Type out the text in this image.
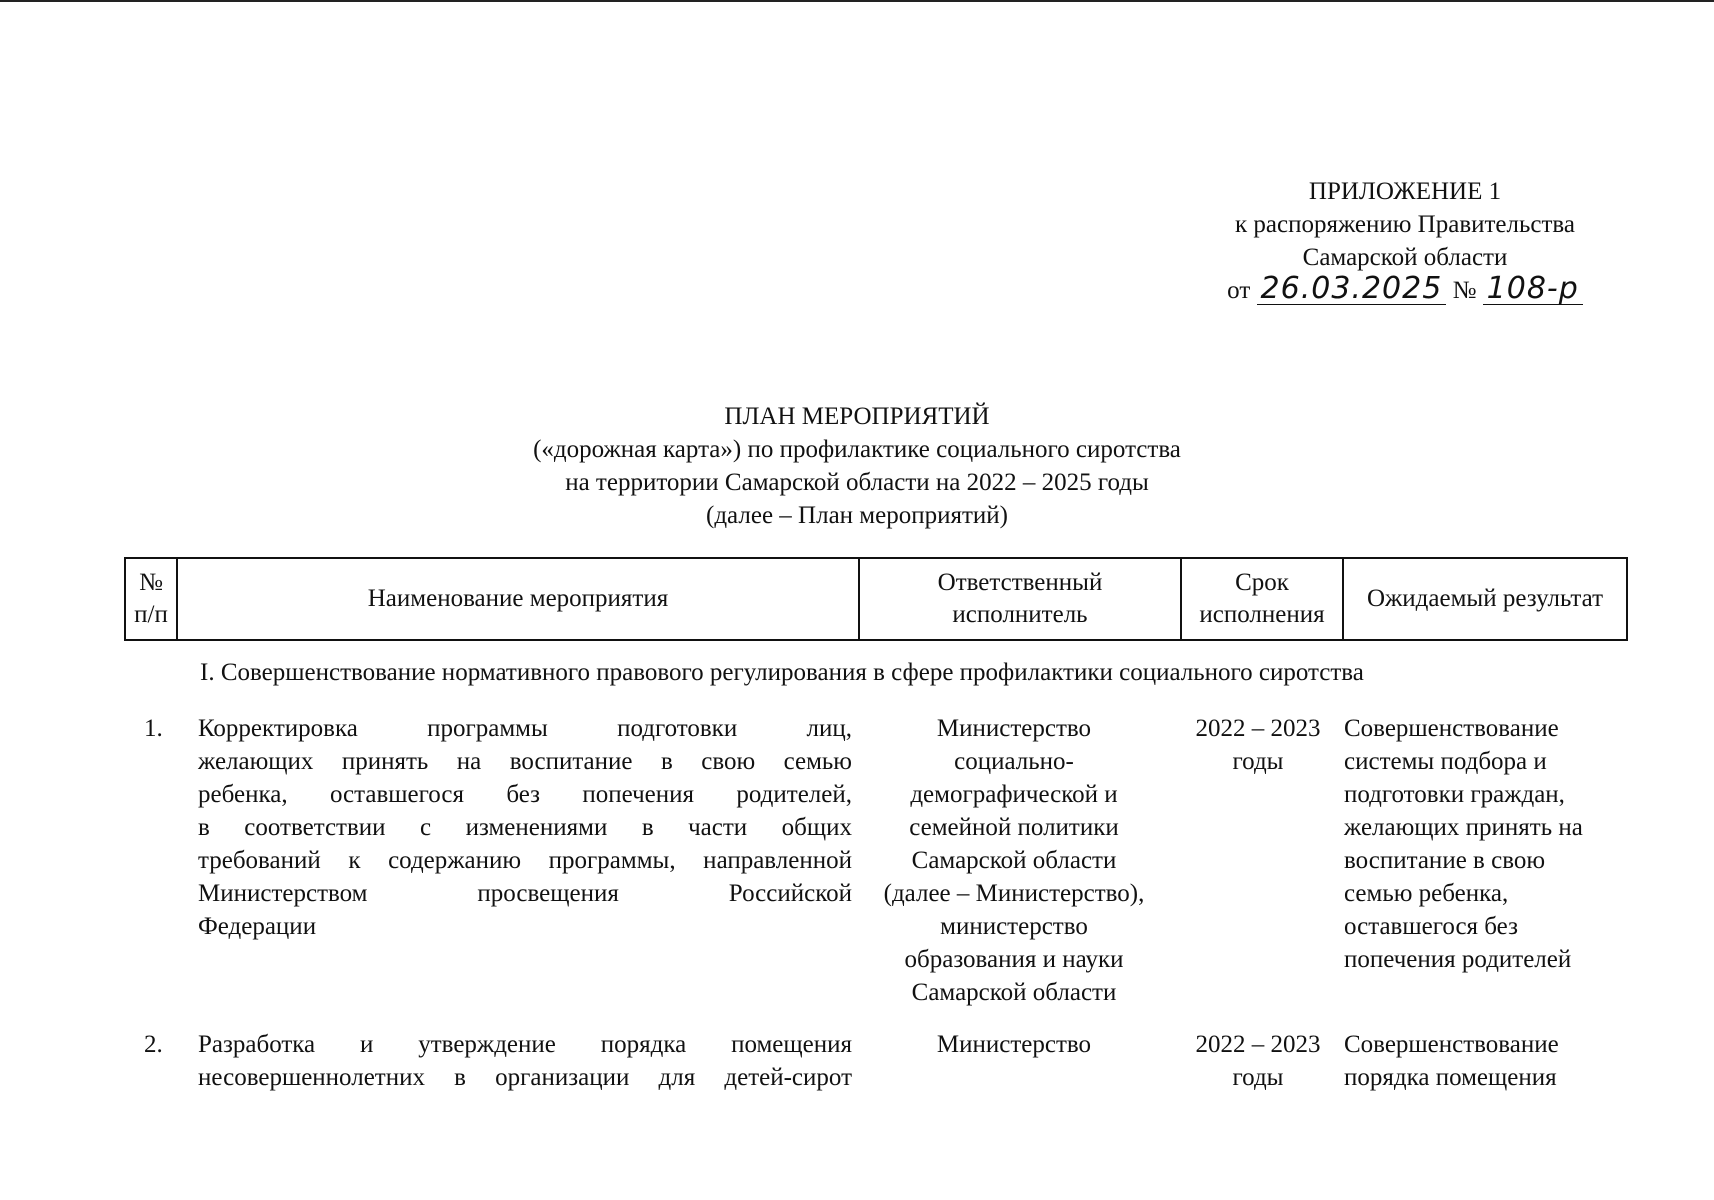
ПРИЛОЖЕНИЕ 1
к распоряжению Правительства
Самарской области
от 26.03.2025 № 108-р
ПЛАН МЕРОПРИЯТИЙ
(«дорожная карта») по профилактике социального сиротства
на территории Самарской области на 2022 – 2025 годы
(далее – План мероприятий)
№
п/п
Наименование мероприятия
Ответственный
исполнитель
Срок
исполнения
Ожидаемый результат
I. Совершенствование нормативного правового регулирования в сфере профилактики социального сиротства
1. Корректировка программы подготовки лиц,
желающих принять на воспитание в свою семью
ребенка, оставшегося без попечения родителей,
в соответствии с изменениями в части общих
требований к содержанию программы, направленной
Министерством просвещения Российской
Федерации
Министерство
социально-
демографической и
семейной политики
Самарской области
(далее – Министерство),
министерство
образования и науки
Самарской области
2022 – 2023
годы
Совершенствование
системы подбора и
подготовки граждан,
желающих принять на
воспитание в свою
семью ребенка,
оставшегося без
попечения родителей
2. Разработка и утверждение порядка помещения
несовершеннолетних в организации для детей-сирот
Министерство	2022 – 2023
годы
Совершенствование
порядка помещения
